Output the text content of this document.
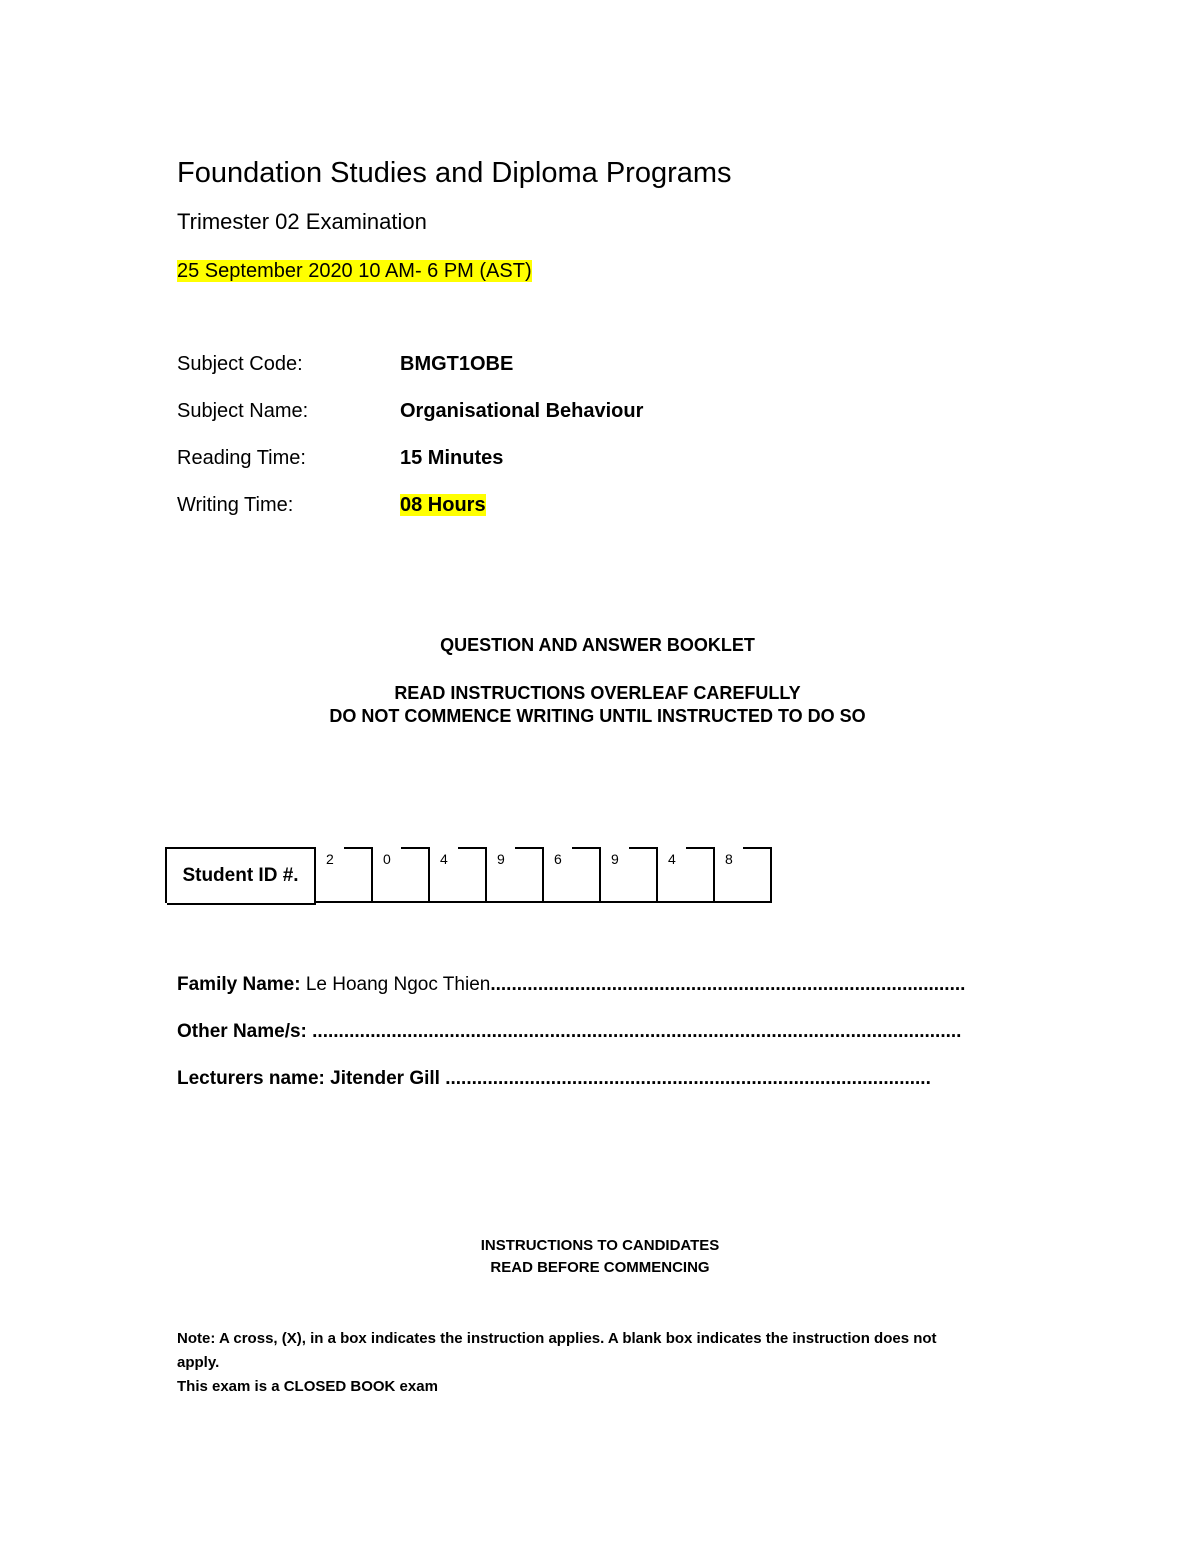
Foundation Studies and Diploma Programs
Trimester 02 Examination
25 September 2020 10 AM- 6 PM (AST)
Subject Code:	BMGT1OBE
Subject Name:	Organisational Behaviour
Reading Time:	15 Minutes
Writing Time:	08 Hours
QUESTION AND ANSWER BOOKLET
READ INSTRUCTIONS OVERLEAF CAREFULLY
DO NOT COMMENCE WRITING UNTIL INSTRUCTED TO DO SO
Student ID #.
2	0	4	9	6	9	4	8
Family Name: Le Hoang Ngoc Thien..........................................................................................
Other Name/s: ...........................................................................................................................
Lecturers name: Jitender Gill ............................................................................................
INSTRUCTIONS TO CANDIDATES
READ BEFORE COMMENCING
Note: A cross, (X), in a box indicates the instruction applies. A blank box indicates the instruction does not
apply.
This exam is a CLOSED BOOK exam
